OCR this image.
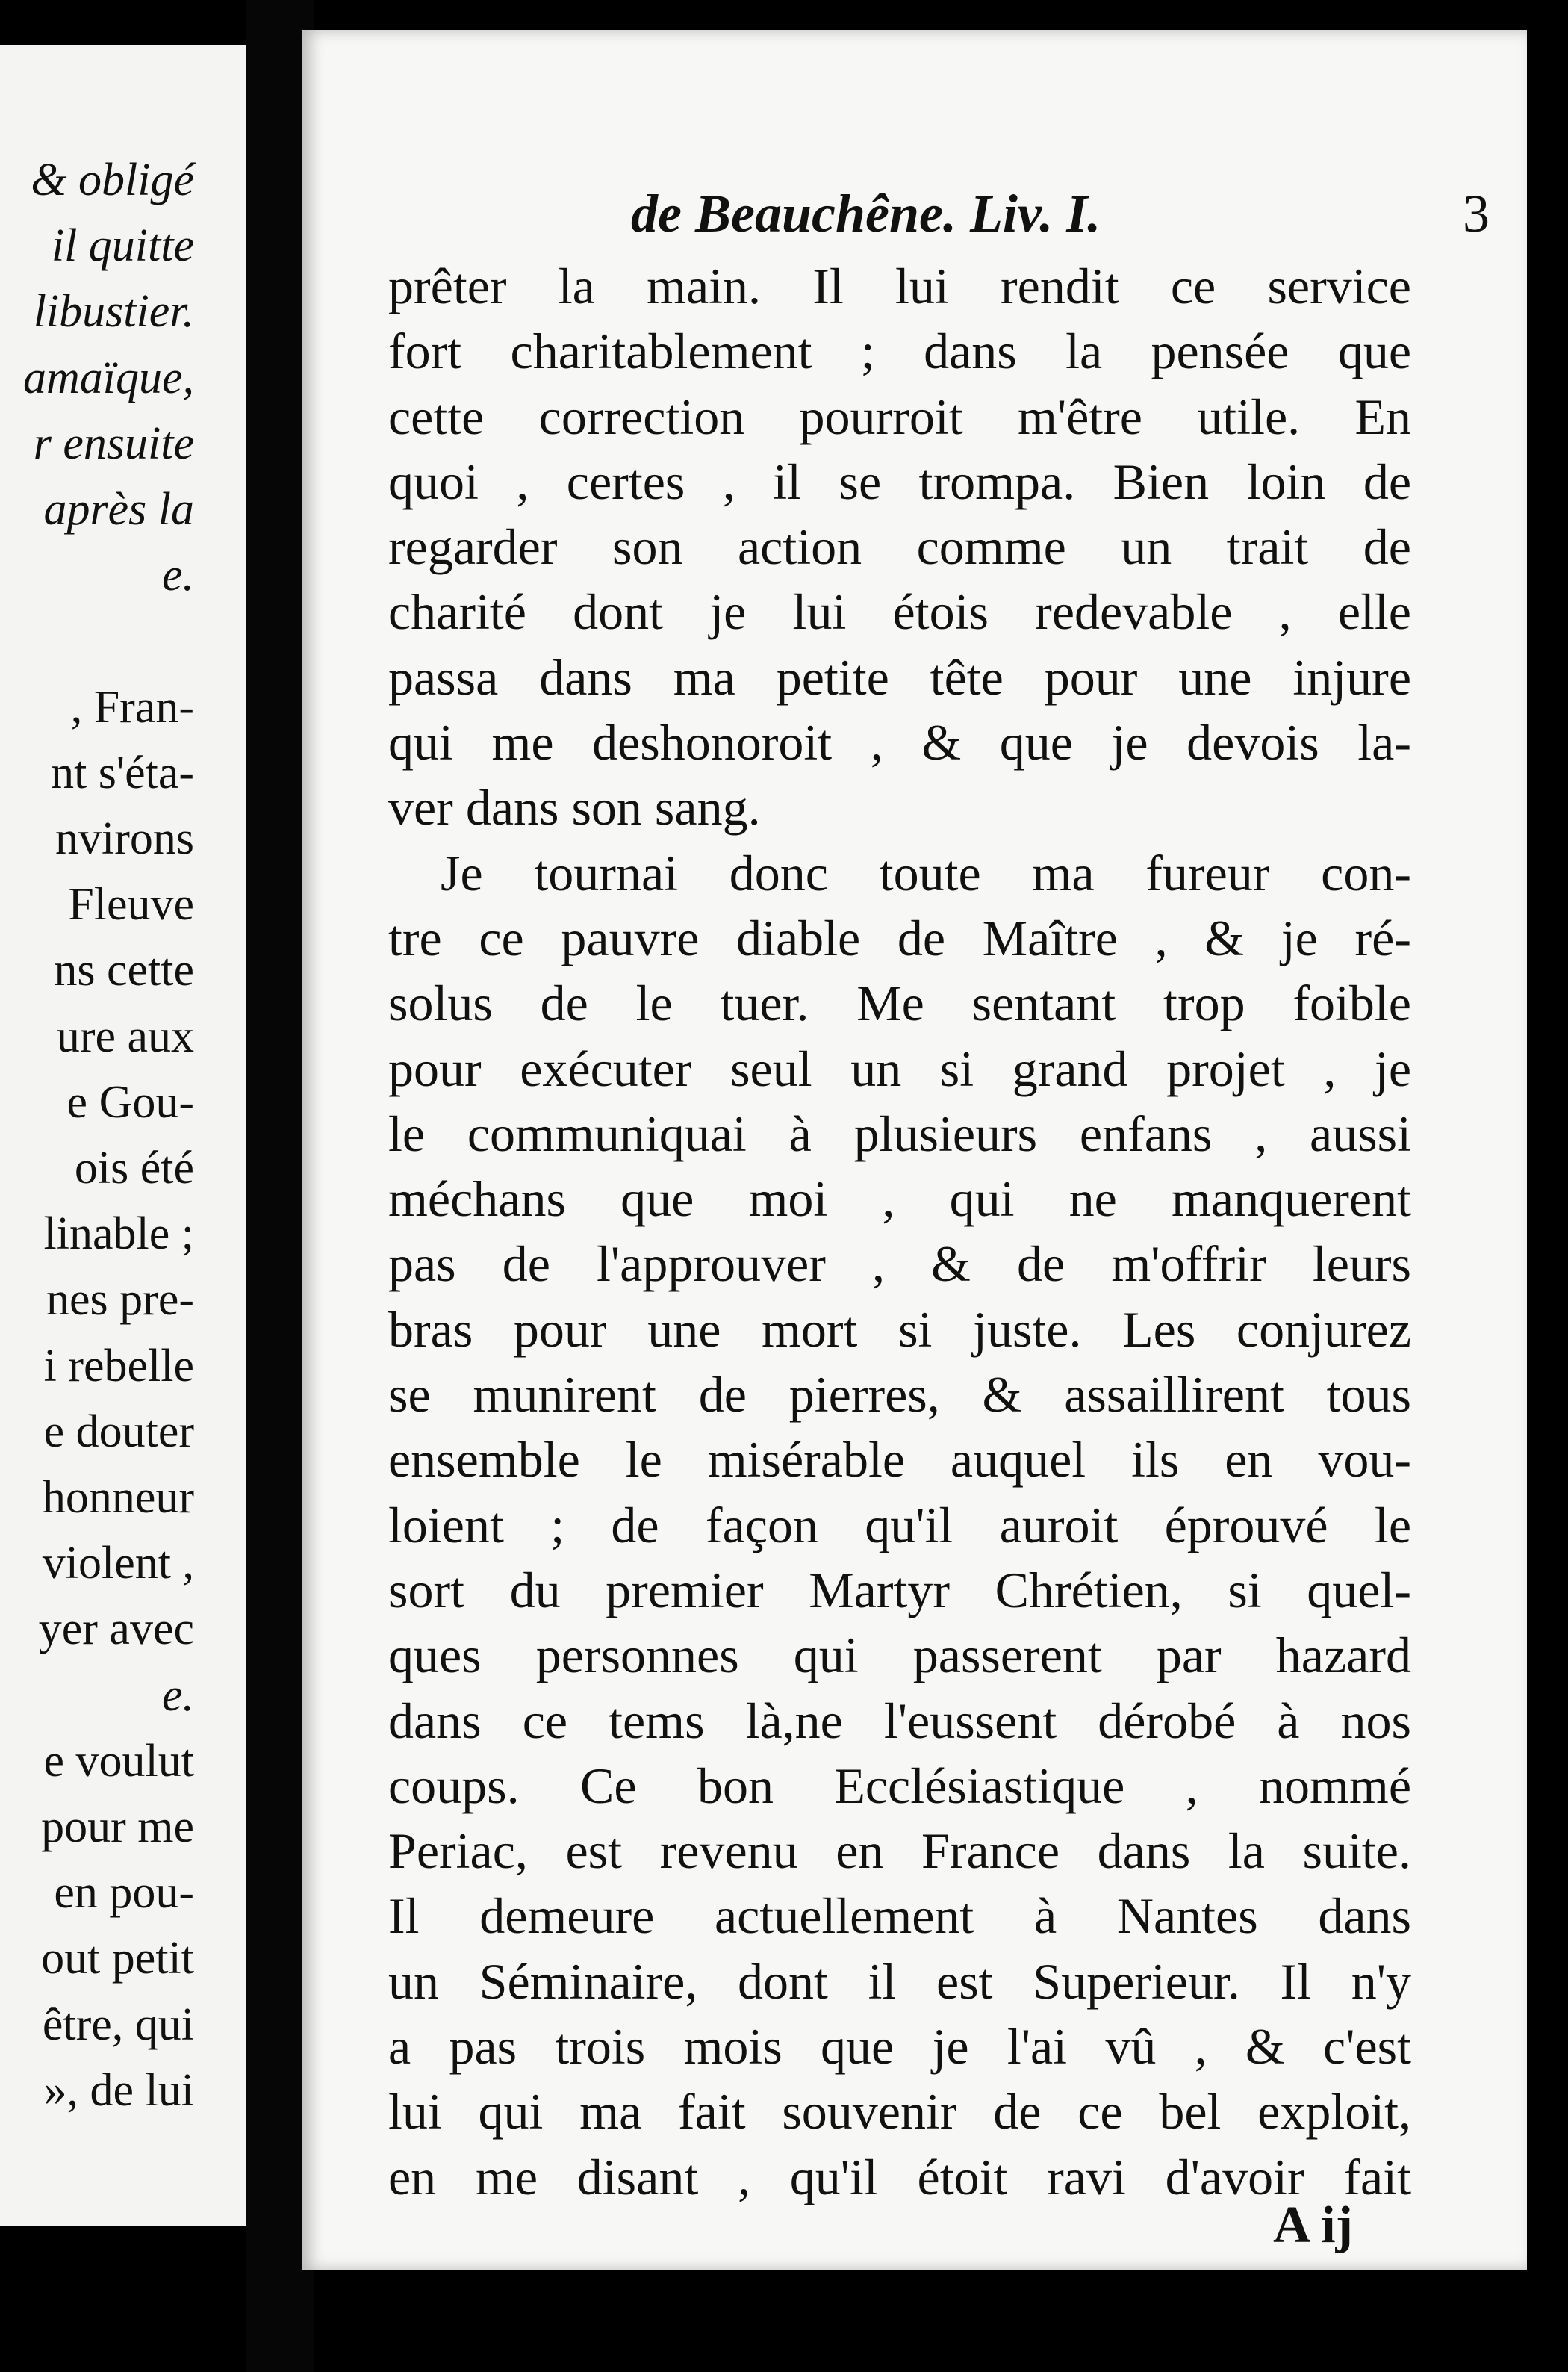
& obligé
il quitte
libustier.
amaïque,
r ensuite
après la
e.
, Fran-
nt s'éta-
nvirons
Fleuve
ns cette
ure aux
e Gou-
ois été
linable ;
nes pre-
i rebelle
e douter
honneur
violent ,
yer avec
e.
e voulut
pour me
en pou-
out petit
être, qui
», de lui
de Beauchêne. Liv. I.	3
prêter la main. Il lui rendit ce service
fort charitablement ; dans la pensée que
cette correction pourroit m'être utile. En
quoi , certes , il se trompa. Bien loin de
regarder son action comme un trait de
charité dont je lui étois redevable , elle
passa dans ma petite tête pour une injure
qui me deshonoroit , & que je devois la-
ver dans son sang.
Je tournai donc toute ma fureur con-
tre ce pauvre diable de Maître , & je ré-
solus de le tuer. Me sentant trop foible
pour exécuter seul un si grand projet , je
le communiquai à plusieurs enfans , aussi
méchans que moi , qui ne manquerent
pas de l'approuver , & de m'offrir leurs
bras pour une mort si juste. Les conjurez
se munirent de pierres, & assaillirent tous
ensemble le misérable auquel ils en vou-
loient ; de façon qu'il auroit éprouvé le
sort du premier Martyr Chrétien, si quel-
ques personnes qui passerent par hazard
dans ce tems là,ne l'eussent dérobé à nos
coups. Ce bon Ecclésiastique , nommé
Periac, est revenu en France dans la suite.
Il demeure actuellement à Nantes dans
un Séminaire, dont il est Superieur. Il n'y
a pas trois mois que je l'ai vû , & c'est
lui qui ma fait souvenir de ce bel exploit,
en me disant , qu'il étoit ravi d'avoir fait
A ij
